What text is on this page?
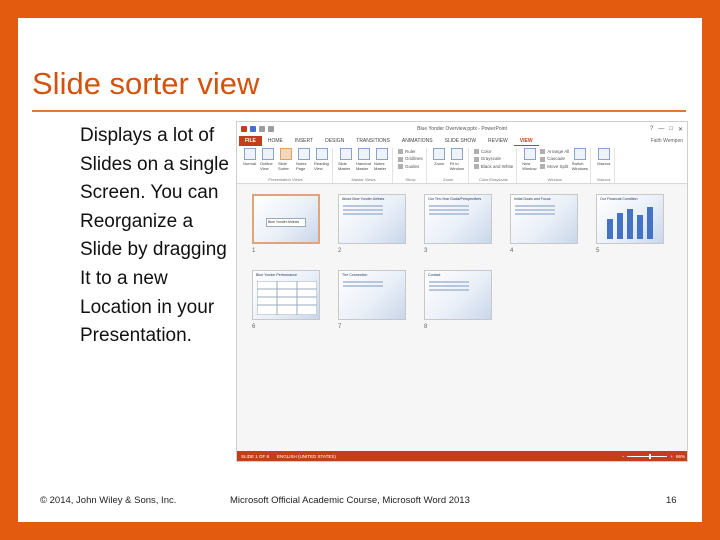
Slide sorter view
Displays a lot of
Slides on a single
Screen. You can
Reorganize a
Slide by dragging
It to a new
Location in your
Presentation.
Blue Yonder Overview.pptx - PowerPoint	? — □ ✕
FILE	HOME	INSERT	DESIGN	TRANSITIONS	ANIMATIONS	SLIDE SHOW	REVIEW	VIEW	Faith Wempen
Normal Outline View
Slide Sorter
Notes Page
Reading View
Presentation Views
Slide Master
Handout Master
Notes Master
Master Views
Ruler
Gridlines
Guides
Show
Zoom Fit to Window
Zoom
Color
Grayscale
Black and White
Color/Grayscale
New Window
Arrange All
Cascade
Move Split
Switch Windows
Window
Macros
Macros
Blue Yonder Airlines
1
About Blue Yonder Airlines
2
Our Ten-Year Goals/Perspectives
3
Initial Goals and Focus
4
Our Financial Condition
5
Blue Yonder Performance
6
The Connection
7
Contact
8
SLIDE 1 OF 8 ENGLISH (UNITED STATES)	−	+ 66%
© 2014, John Wiley & Sons, Inc.	Microsoft Official Academic Course, Microsoft Word 2013	16
